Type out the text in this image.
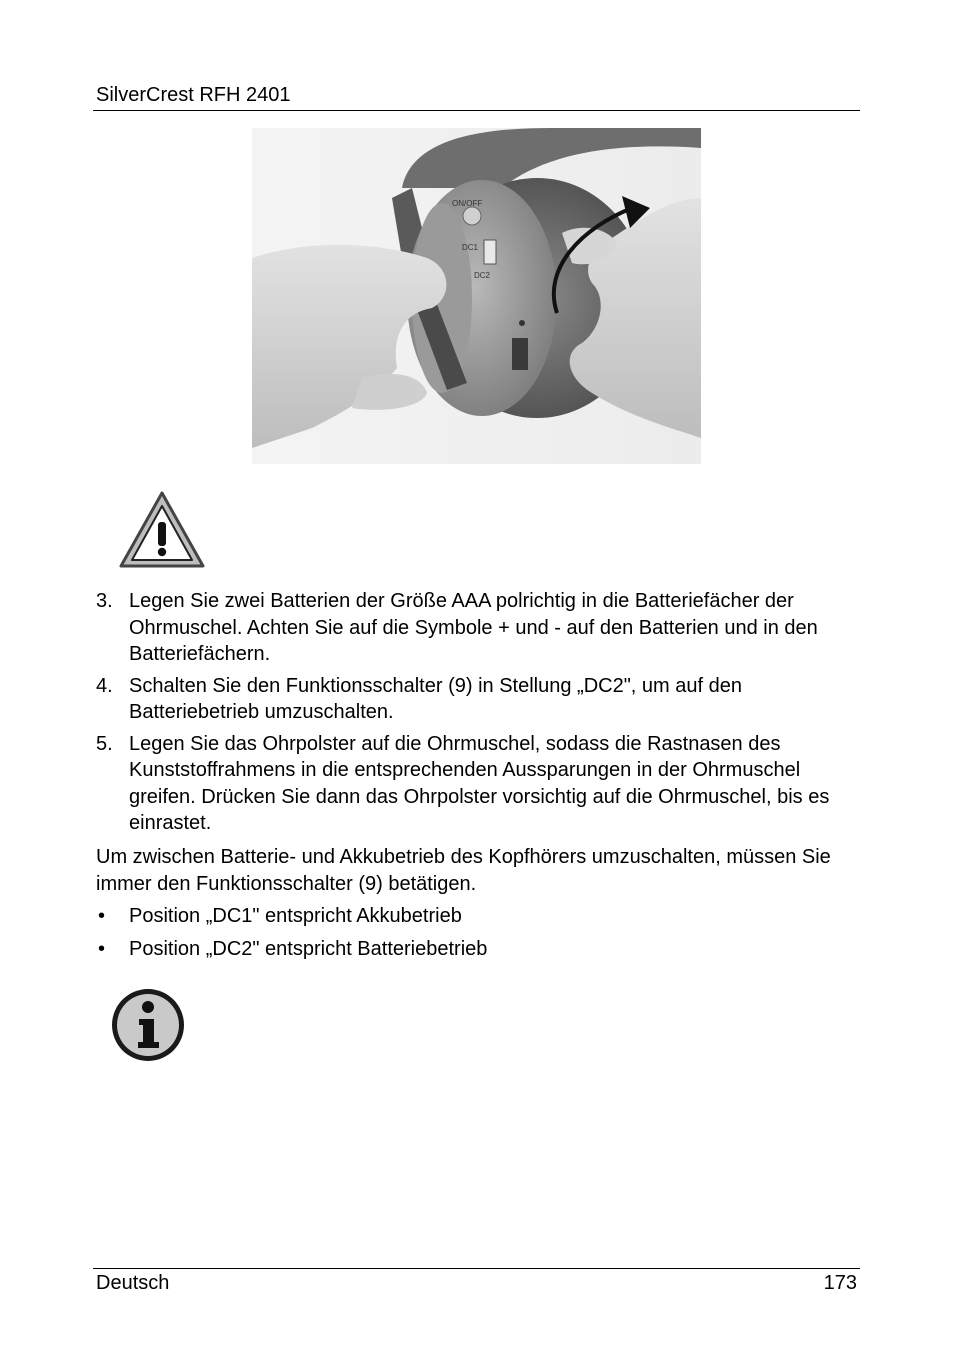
SilverCrest RFH 2401
ON/OFF
DC1
DC2
3. Legen Sie zwei Batterien der Größe AAA polrichtig in die Batteriefächer der Ohrmuschel. Achten Sie auf die Symbole + und - auf den Batterien und in den Batteriefächern.
4. Schalten Sie den Funktionsschalter (9) in Stellung „DC2", um auf den Batteriebetrieb umzuschalten.
5. Legen Sie das Ohrpolster auf die Ohrmuschel, sodass die Rastnasen des Kunststoffrahmens in die entsprechenden Aussparungen in der Ohrmuschel greifen. Drücken Sie dann das Ohrpolster vorsichtig auf die Ohrmuschel, bis es einrastet.
Um zwischen Batterie- und Akkubetrieb des Kopfhörers umzuschalten, müssen Sie immer den Funktionsschalter (9) betätigen.
• Position „DC1" entspricht Akkubetrieb
• Position „DC2" entspricht Batteriebetrieb
Deutsch	173
